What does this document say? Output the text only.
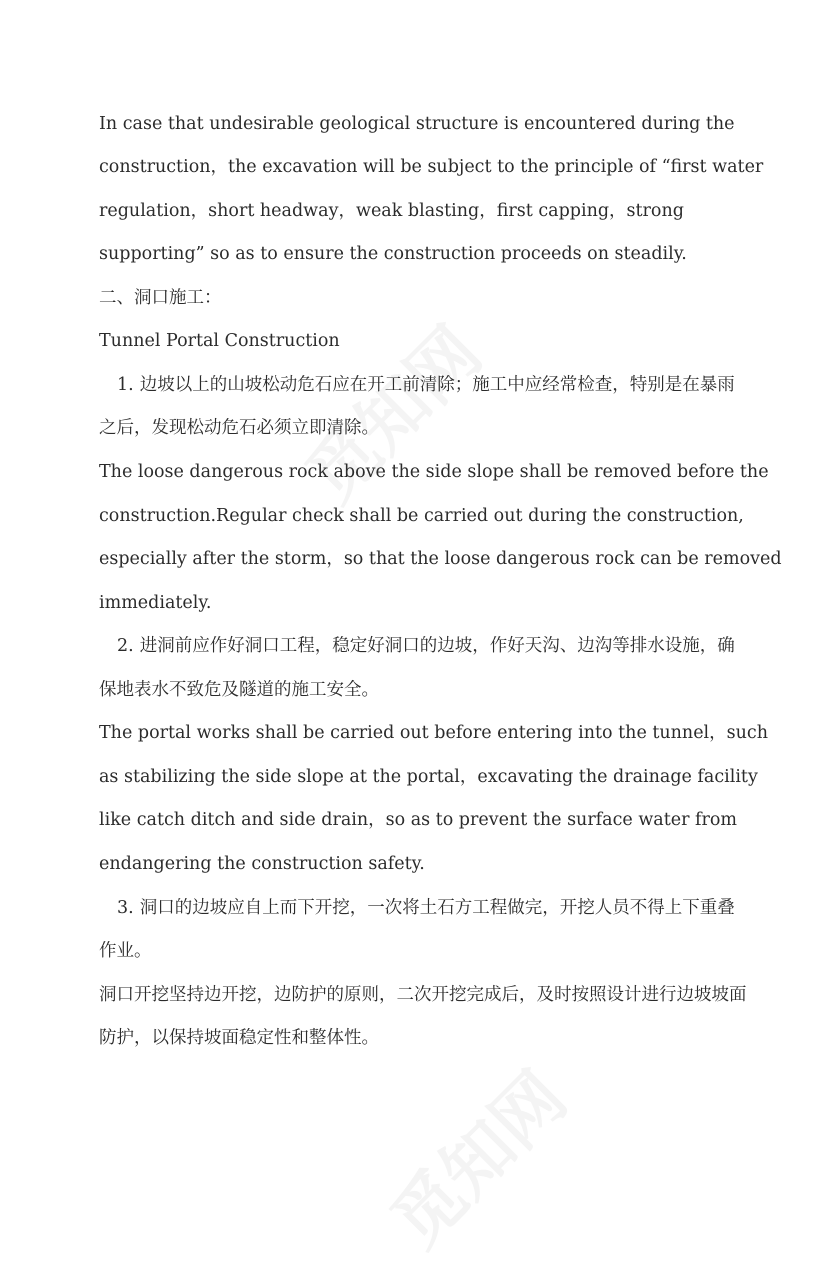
In case that undesirable geological structure is encountered during the
construction，the excavation will be subject to the principle of “first water
regulation，short headway，weak blasting，first capping，strong
supporting” so as to ensure the construction proceeds on steadily.
二、洞口施工：
Tunnel Portal Construction
1. 边坡以上的山坡松动危石应在开工前清除；施工中应经常检查，特别是在暴雨
之后，发现松动危石必须立即清除。
The loose dangerous rock above the side slope shall be removed before the
construction.Regular check shall be carried out during the construction,
especially after the storm，so that the loose dangerous rock can be removed
immediately.
2. 进洞前应作好洞口工程，稳定好洞口的边坡，作好天沟、边沟等排水设施，确
保地表水不致危及隧道的施工安全。
The portal works shall be carried out before entering into the tunnel，such
as stabilizing the side slope at the portal，excavating the drainage facility
like catch ditch and side drain，so as to prevent the surface water from
endangering the construction safety.
3. 洞口的边坡应自上而下开挖，一次将土石方工程做完，开挖人员不得上下重叠
作业。
洞口开挖坚持边开挖，边防护的原则，二次开挖完成后，及时按照设计进行边坡坡面
防护，以保持坡面稳定性和整体性。
